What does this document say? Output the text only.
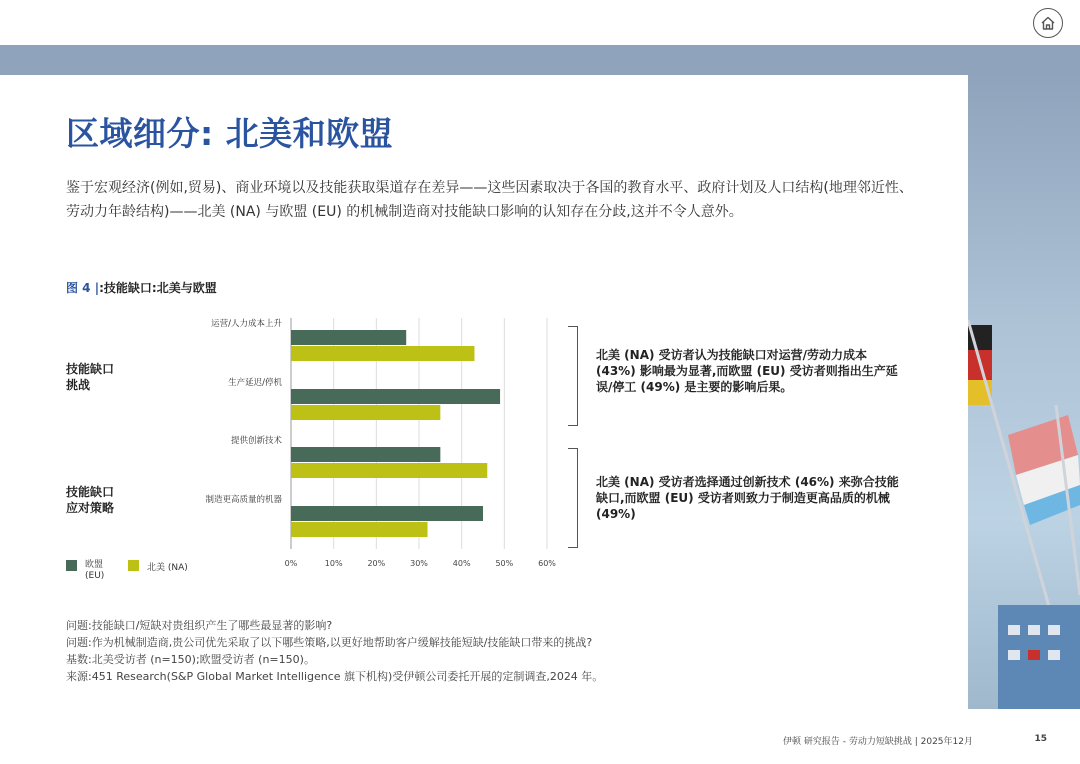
区域细分: 北美和欧盟

鉴于宏观经济(例如,贸易)、商业环境以及技能获取渠道存在差异——这些因素取决于各国的教育水平、政府计划及人口结构(地理邻近性、劳动力年龄结构)——北美 (NA) 与欧盟 (EU) 的机械制造商对技能缺口影响的认知存在分歧,这并不令人意外。

图 4 |:技能缺口:北美与欧盟
技能缺口
挑战
技能缺口
应对策略
0%	10%	20%	30%	40%	50%	60%
运营/人力成本上升
生产延迟/停机
提供创新技术
制造更高质量的机器

北美 (NA) 受访者认为技能缺口对运营/劳动力成本 (43%) 影响最为显著,而欧盟 (EU) 受访者则指出生产延误/停工 (49%) 是主要的影响后果。

北美 (NA) 受访者选择通过创新技术 (46%) 来弥合技能缺口,而欧盟 (EU) 受访者则致力于制造更高品质的机械 (49%)

欧盟
(EU)
北美 (NA)
问题:技能缺口/短缺对贵组织产生了哪些最显著的影响?
问题:作为机械制造商,贵公司优先采取了以下哪些策略,以更好地帮助客户缓解技能短缺/技能缺口带来的挑战?
基数:北美受访者 (n=150);欧盟受访者 (n=150)。
来源:451 Research(S&P Global Market Intelligence 旗下机构)受伊顿公司委托开展的定制调查,2024 年。
伊顿 研究报告 - 劳动力短缺挑战 | 2025年12月	15
